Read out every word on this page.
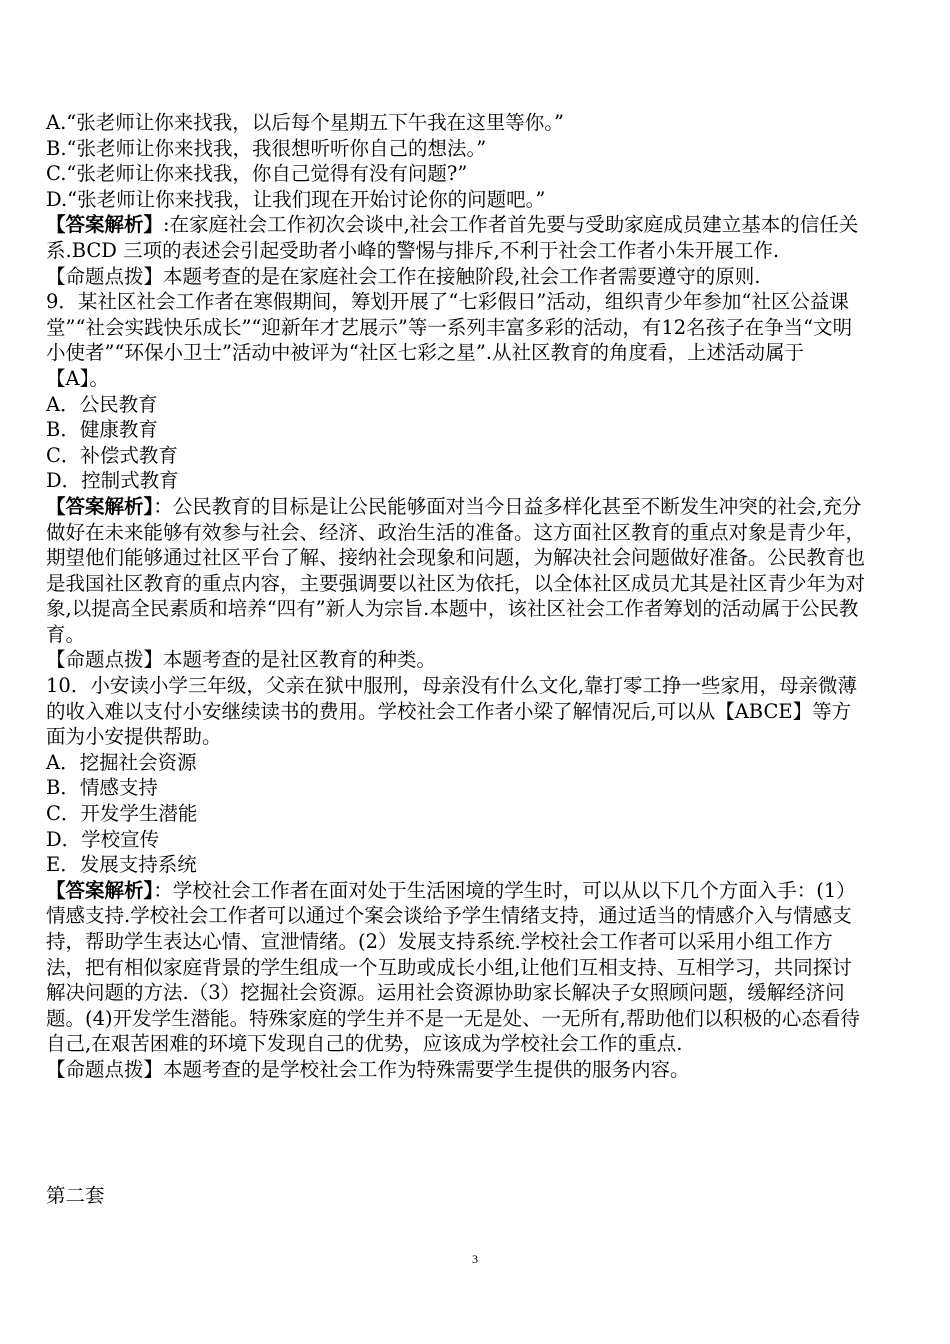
A.“张老师让你来找我，以后每个星期五下午我在这里等你。”

B.“张老师让你来找我，我很想听听你自己的想法。”

C.“张老师让你来找我，你自己觉得有没有问题?”

D.“张老师让你来找我，让我们现在开始讨论你的问题吧。”

【答案解析】:在家庭社会工作初次会谈中,社会工作者首先要与受助家庭成员建立基本的信任关系.BCD 三项的表述会引起受助者小峰的警惕与排斥,不利于社会工作者小朱开展工作.

【命题点拨】本题考查的是在家庭社会工作在接触阶段,社会工作者需要遵守的原则.

9．某社区社会工作者在寒假期间，筹划开展了“七彩假日”活动，组织青少年参加“社区公益课堂”“社会实践快乐成长”“迎新年才艺展示”等一系列丰富多彩的活动，有12名孩子在争当“文明小使者”“环保小卫士”活动中被评为“社区七彩之星”.从社区教育的角度看，上述活动属于【A】。

A．公民教育

B．健康教育

C．补偿式教育

D．控制式教育

【答案解析】：公民教育的目标是让公民能够面对当今日益多样化甚至不断发生冲突的社会,充分做好在未来能够有效参与社会、经济、政治生活的准备。这方面社区教育的重点对象是青少年，期望他们能够通过社区平台了解、接纳社会现象和问题，为解决社会问题做好准备。公民教育也是我国社区教育的重点内容，主要强调要以社区为依托，以全体社区成员尤其是社区青少年为对象,以提高全民素质和培养“四有”新人为宗旨.本题中，该社区社会工作者筹划的活动属于公民教育。

【命题点拨】本题考查的是社区教育的种类。

10．小安读小学三年级，父亲在狱中服刑，母亲没有什么文化,靠打零工挣一些家用，母亲微薄的收入难以支付小安继续读书的费用。学校社会工作者小梁了解情况后,可以从【ABCE】等方面为小安提供帮助。

A．挖掘社会资源

B．情感支持

C．开发学生潜能

D．学校宣传

E．发展支持系统

【答案解析】：学校社会工作者在面对处于生活困境的学生时，可以从以下几个方面入手：(1）情感支持.学校社会工作者可以通过个案会谈给予学生情绪支持，通过适当的情感介入与情感支持，帮助学生表达心情、宣泄情绪。(2）发展支持系统.学校社会工作者可以采用小组工作方法，把有相似家庭背景的学生组成一个互助或成长小组,让他们互相支持、互相学习，共同探讨解决问题的方法.（3）挖掘社会资源。运用社会资源协助家长解决子女照顾问题，缓解经济问题。(4)开发学生潜能。特殊家庭的学生并不是一无是处、一无所有,帮助他们以积极的心态看待自己,在艰苦困难的环境下发现自己的优势，应该成为学校社会工作的重点.

【命题点拨】本题考查的是学校社会工作为特殊需要学生提供的服务内容。

第二套

3
